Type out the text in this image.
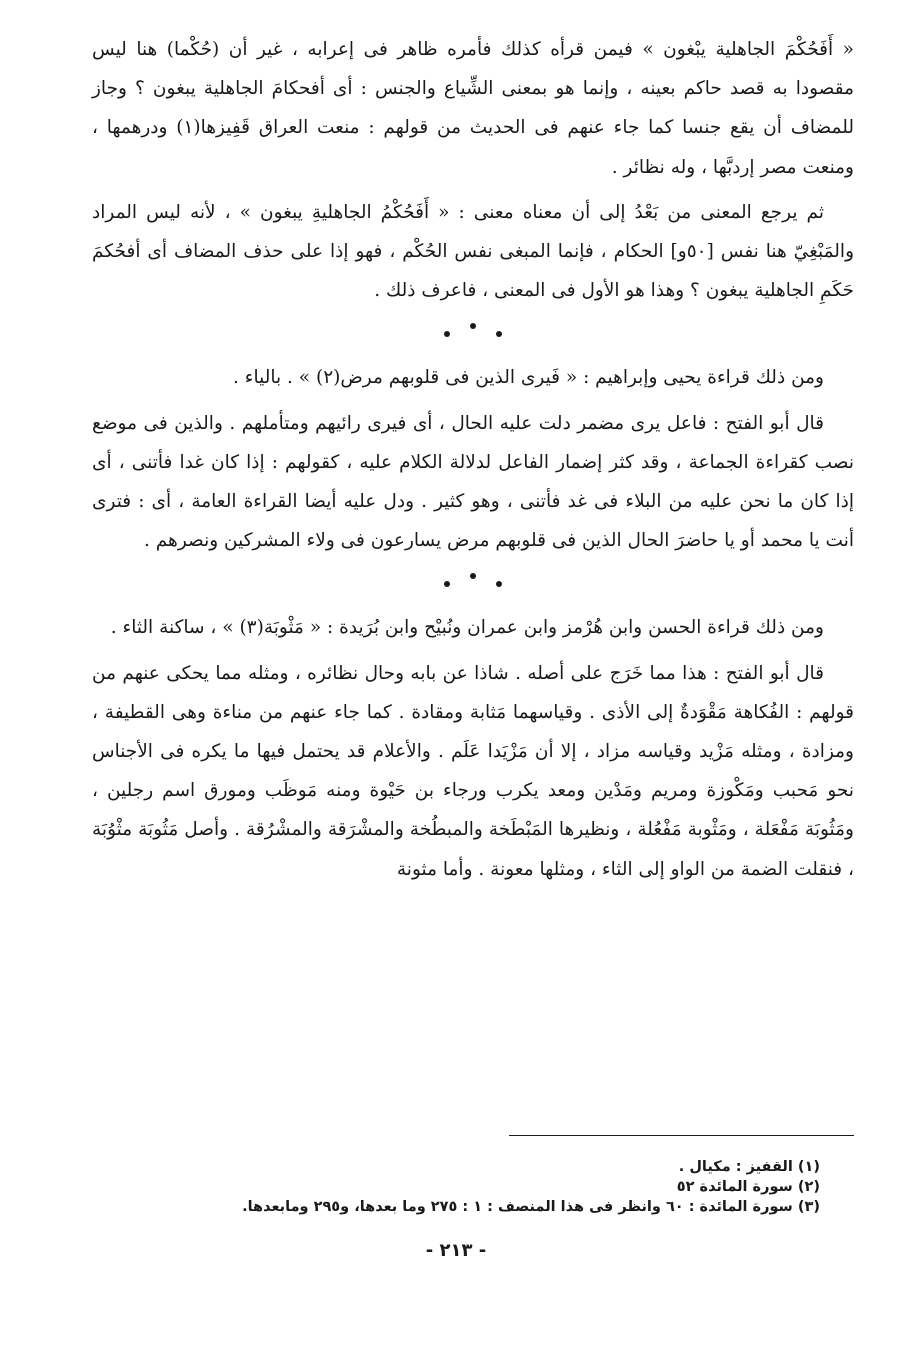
« أَفَحُكْمَ الجاهلية يبْغون » فيمن قرأه كذلك فأمره ظاهر فى إعرابه ، غير أن (حُكْما) هنا ليس مقصودا به قصد حاكم بعينه ، وإنما هو بمعنى الشِّياع والجنس : أى أفحكامَ الجاهلية يبغون ؟ وجاز للمضاف أن يقع جنسا كما جاء عنهم فى الحديث من قولهم : منعت العراق قَفِيزها(١) ودرهمها ، ومنعت مصر إردبَّها ، وله نظائر .

ثم يرجع المعنى من بَعْدُ إلى أن معناه معنى : « أَفَحُكْمُ الجاهليةِ يبغون » ، لأنه ليس المراد والمَبْغِيّ هنا نفس [٥٠و] الحكام ، فإنما المبغى نفس الحُكْم ، فهو إذا على حذف المضاف أى أفحُكمَ حَكَمِ الجاهلية يبغون ؟ وهذا هو الأول فى المعنى ، فاعرف ذلك .

ومن ذلك قراءة يحيى وإبراهيم : « فَيرى الذين فى قلوبهم مرض(٢) » . بالياء .

قال أبو الفتح : فاعل يرى مضمر دلت عليه الحال ، أى فيرى رائيهم ومتأملهم . والذين فى موضع نصب كقراءة الجماعة ، وقد كثر إضمار الفاعل لدلالة الكلام عليه ، كقولهم : إذا كان غدا فأتنى ، أى إذا كان ما نحن عليه من البلاء فى غد فأتنى ، وهو كثير . ودل عليه أيضا القراءة العامة ، أى : فترى أنت يا محمد أو يا حاضرَ الحال الذين فى قلوبهم مرض يسارعون فى ولاء المشركين ونصرهم .

ومن ذلك قراءة الحسن وابن هُرْمز وابن عمران ونُبيْح وابن بُرَيدة : « مَثْوبَة(٣) » ، ساكنة الثاء .

قال أبو الفتح : هذا مما خَرَج على أصله . شاذا عن بابه وحال نظائره ، ومثله مما يحكى عنهم من قولهم : الفُكاهة مَقْوَدةٌ إلى الأذى . وقياسهما مَثابة ومقادة . كما جاء عنهم من مناءة وهى القطيفة ، ومزادة ، ومثله مَزْيد وقياسه مزاد ، إلا أن مَزْيَدا عَلَم . والأعلام قد يحتمل فيها ما يكره فى الأجناس نحو مَحبب ومَكْوزة ومريم ومَدْين ومعد يكرب ورجاء بن حَيْوة ومنه مَوظَب ومورق اسم رجلين ، ومَثُوبَة مَفْعَلة ، ومَثْوبة مَفْعُلة ، ونظيرها المَبْطَخة والمبطُخة والمشْرَقة والمشْرُقة . وأصل مَثُوبَة مثْوُبَة ، فنقلت الضمة من الواو إلى الثاء ، ومثلها معونة . وأما مثونة

(١) القفيز : مكيال .

(٢) سورة المائدة ٥٢

(٣) سورة المائدة : ٦٠ وانظر فى هذا المنصف : ١ : ٢٧٥ وما بعدها، و٢٩٥ ومابعدها.

- ٢١٣ -
